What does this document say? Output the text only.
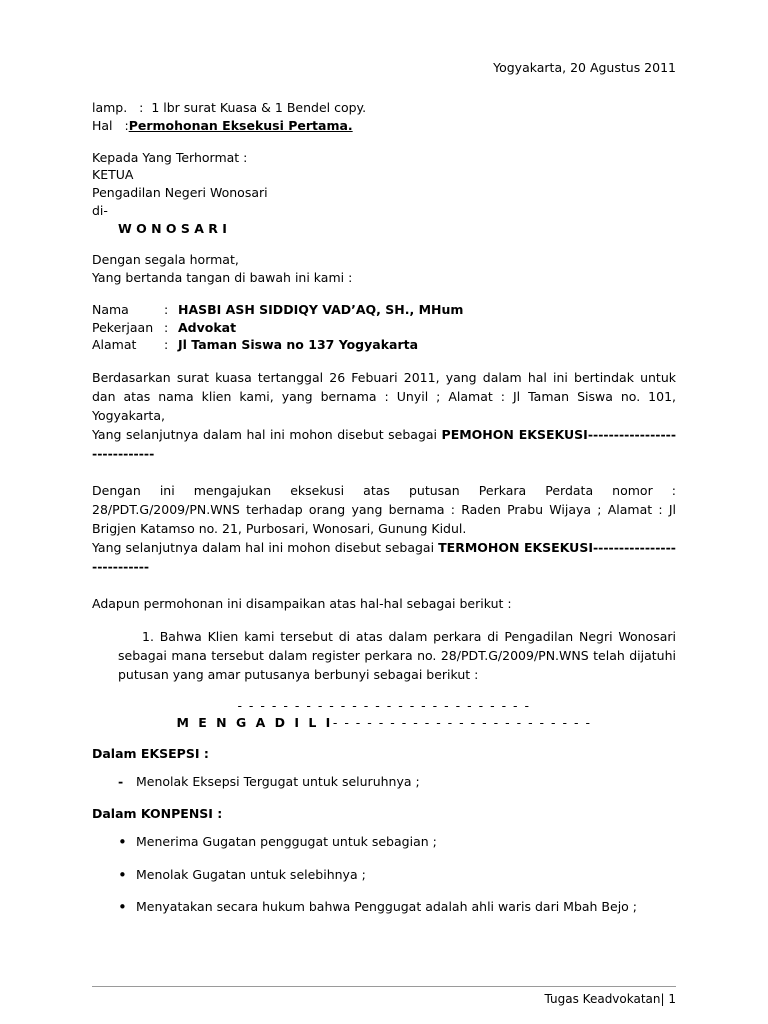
Yogyakarta, 20 Agustus 2011
lamp. : 1 lbr surat Kuasa & 1 Bendel copy.
Hal :Permohonan Eksekusi Pertama.
Kepada Yang Terhormat :
KETUA
Pengadilan Negeri Wonosari
di-
W O N O S A R I
Dengan segala hormat,
Yang bertanda tangan di bawah ini kami :
Nama	: HASBI ASH SIDDIQY VAD’AQ, SH., MHum
Pekerjaan : Advokat
Alamat : Jl Taman Siswa no 137 Yogyakarta
Berdasarkan surat kuasa tertanggal 26 Febuari 2011, yang dalam hal ini bertindak untuk dan atas nama klien kami, yang bernama : Unyil ; Alamat : Jl Taman Siswa no. 101, Yogyakarta,
Yang selanjutnya dalam hal ini mohon disebut sebagai PEMOHON EKSEKUSI-----------------------------
Dengan ini mengajukan eksekusi atas putusan Perkara Perdata nomor : 28/PDT.G/2009/PN.WNS terhadap orang yang bernama : Raden Prabu Wijaya ; Alamat : Jl Brigjen Katamso no. 21, Purbosari, Wonosari, Gunung Kidul.
Yang selanjutnya dalam hal ini mohon disebut sebagai TERMOHON EKSEKUSI---------------------------
Adapun permohonan ini disampaikan atas hal-hal sebagai berikut :
1. Bahwa Klien kami tersebut di atas dalam perkara di Pengadilan Negri Wonosari sebagai mana tersebut dalam register perkara no. 28/PDT.G/2009/PN.WNS telah dijatuhi putusan yang amar putusanya berbunyi sebagai berikut :
- - - - - - - - - - - - - - - - - - - - - - - - - -
M E N G A D I L I- - - - - - - - - - - - - - - - - - - - - - -
Dalam EKSEPSI :
- Menolak Eksepsi Tergugat untuk seluruhnya ;
Dalam KONPENSI :
• Menerima Gugatan penggugat untuk sebagian ;
• Menolak Gugatan untuk selebihnya ;
• Menyatakan secara hukum bahwa Penggugat adalah ahli waris dari Mbah Bejo ;
Tugas Keadvokatan| 1
